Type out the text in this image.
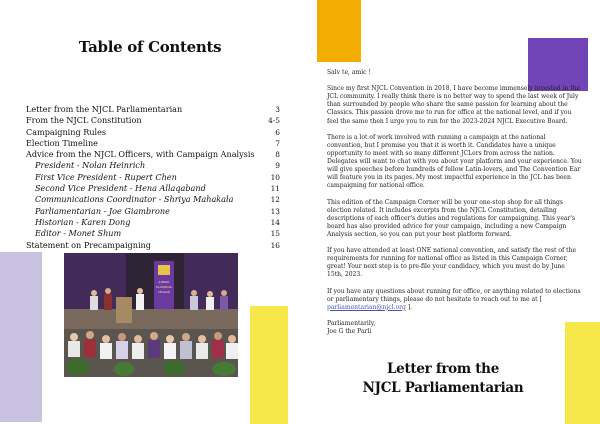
Table of Contents
Letter from the NJCL Parliamentarian	3
From the NJCL Constitution	4-5
Campaigning Rules	6
Election Timeline	7
Advice from the NJCL Officers, with Campaign Analysis	8
President - Nolan Heinrich	9
First Vice President - Rupert Chen	10
Second Vice President - Hena Allaqaband	11
Communications Coordinator - Shriya Mahakala	12
Parliamentarian - Joe Giambrone	13
Historian - Karen Dong	14
Editor - Monet Shum	15
Statement on Precampaigning	16
JUNIOR
CLASSICAL
LEAGUE

Salv te, amic !

Since my first NJCL Convention in 2018, I have become immensely invested in the JCL community. I really think there is no better way to spend the last week of July than surrounded by people who share the same passion for learning about the Classics. This passion drove me to run for office at the national level, and if you feel the same then I urge you to run for the 2023-2024 NJCL Executive Board.

There is a lot of work involved with running a campaign at the national convention, but I promise you that it is worth it. Candidates have a unique opportunity to meet with so many different JCLers from across the nation. Delegates will want to chat with you about your platform and your experience. You will give speeches before hundreds of fellow Latin-lovers, and The Convention Ear will feature you in its pages. My most impactful experience in the JCL has been campaigning for national office.

This edition of the Campaign Corner will be your one-stop shop for all things election related. It includes excerpts from the NJCL Constitution, detailing descriptions of each officer's duties and regulations for campaigning. This year's board has also provided advice for your campaign, including a new Campaign Analysis section, so you can put your best platform forward.

If you have attended at least ONE national convention, and satisfy the rest of the requirements for running for national office as listed in this Campaign Corner, great! Your next step is to pre-file your candidacy, which you must do by June 15th, 2023.

If you have any questions about running for office, or anything related to elections or parliamentary things, please do not hesitate to reach out to me at [ parliamentarian@njcl.org ].

Parliamentarily,

Joe G the Parli

Letter from the
NJCL Parliamentarian
